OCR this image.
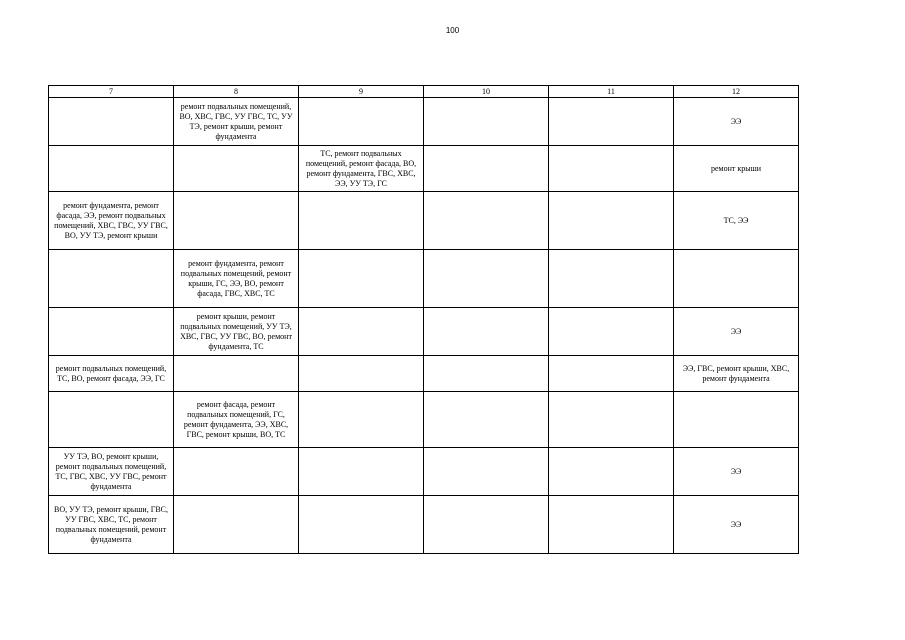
100
7	8	9	10	11	12
	ремонт подвальных помещений, ВО, ХВС, ГВС, УУ ГВС, ТС, УУ ТЭ, ремонт крыши, ремонт фундамента				ЭЭ
		ТС, ремонт подвальных помещений, ремонт фасада, ВО, ремонт фундамента, ГВС, ХВС, ЭЭ, УУ ТЭ, ГС			ремонт крыши
ремонт фундамента, ремонт фасада, ЭЭ, ремонт подвальных помещений, ХВС, ГВС, УУ ГВС, ВО, УУ ТЭ, ремонт крыши					ТС, ЭЭ
	ремонт фундамента, ремонт подвальных помещений, ремонт крыши, ГС, ЭЭ, ВО, ремонт фасада, ГВС, ХВС, ТС				
	ремонт крыши, ремонт подвальных помещений, УУ ТЭ, ХВС, ГВС, УУ ГВС, ВО, ремонт фундамента, ТС				ЭЭ
ремонт подвальных помещений, ТС, ВО, ремонт фасада, ЭЭ, ГС					ЭЭ, ГВС, ремонт крыши, ХВС, ремонт фундамента
	ремонт фасада, ремонт подвальных помещений, ГС, ремонт фундамента, ЭЭ, ХВС, ГВС, ремонт крыши, ВО, ТС				
УУ ТЭ, ВО, ремонт крыши, ремонт подвальных помещений, ТС, ГВС, ХВС, УУ ГВС, ремонт фундамента					ЭЭ
ВО, УУ ТЭ, ремонт крыши, ГВС, УУ ГВС, ХВС, ТС, ремонт подвальных помещений, ремонт фундамента					ЭЭ
